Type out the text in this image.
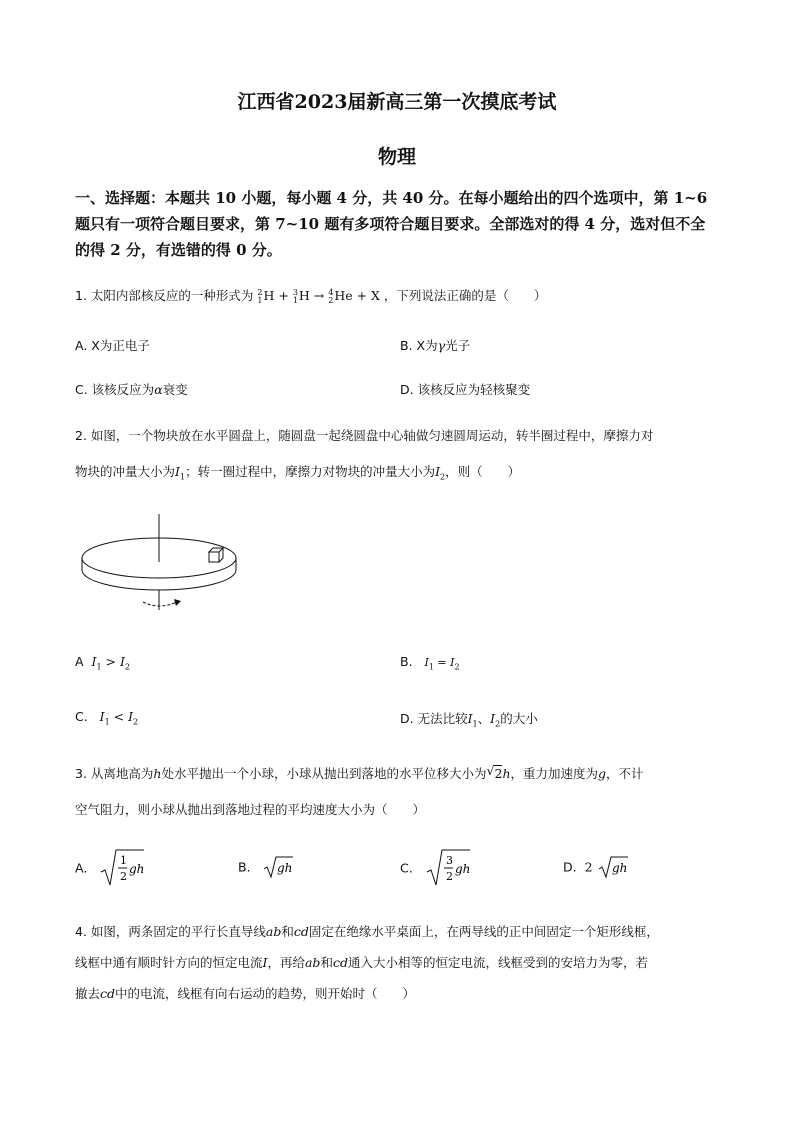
江西省2023届新高三第一次摸底考试
物理
一、选择题：本题共 10 小题，每小题 4 分，共 40 分。在每小题给出的四个选项中，第 1~6
题只有一项符合题目要求，第 7~10 题有多项符合题目要求。全部选对的得 4 分，选对但不全
的得 2 分，有选错的得 0 分。
1. 太阳内部核反应的一种形式为 2
1 H + 3
1 H → 4
2 He + X ，下列说法正确的是（　　）
A. X为正电子	B. X为γ光子
C. 该核反应为α衰变	D. 该核反应为轻核聚变
2. 如图，一个物块放在水平圆盘上，随圆盘一起绕圆盘中心轴做匀速圆周运动，转半圈过程中，摩擦力对
物块的冲量大小为$I_1$；转一圈过程中，摩擦力对物块的冲量大小为$I_2$，则（　　）
A $I_1 > I_2$	B. $I_1 = I_2$
C. $I_1 < I_2$	D. 无法比较$I_1$、$I_2$的大小
3. 从离地高为h处水平抛出一个小球，小球从抛出到落地的水平位移大小为 √ 2h，重力加速度为g，不计
空气阻力，则小球从抛出到落地过程的平均速度大小为（　　）
A.	1
2
gh	B. gh	C.	3
2
gh	D. 2 gh
4. 如图，两条固定的平行长直导线ab和cd固定在绝缘水平桌面上，在两导线的正中间固定一个矩形线框，
线框中通有顺时针方向的恒定电流I，再给ab和cd通入大小相等的恒定电流，线框受到的安培力为零，若
撤去cd中的电流，线框有向右运动的趋势，则开始时（　　）
